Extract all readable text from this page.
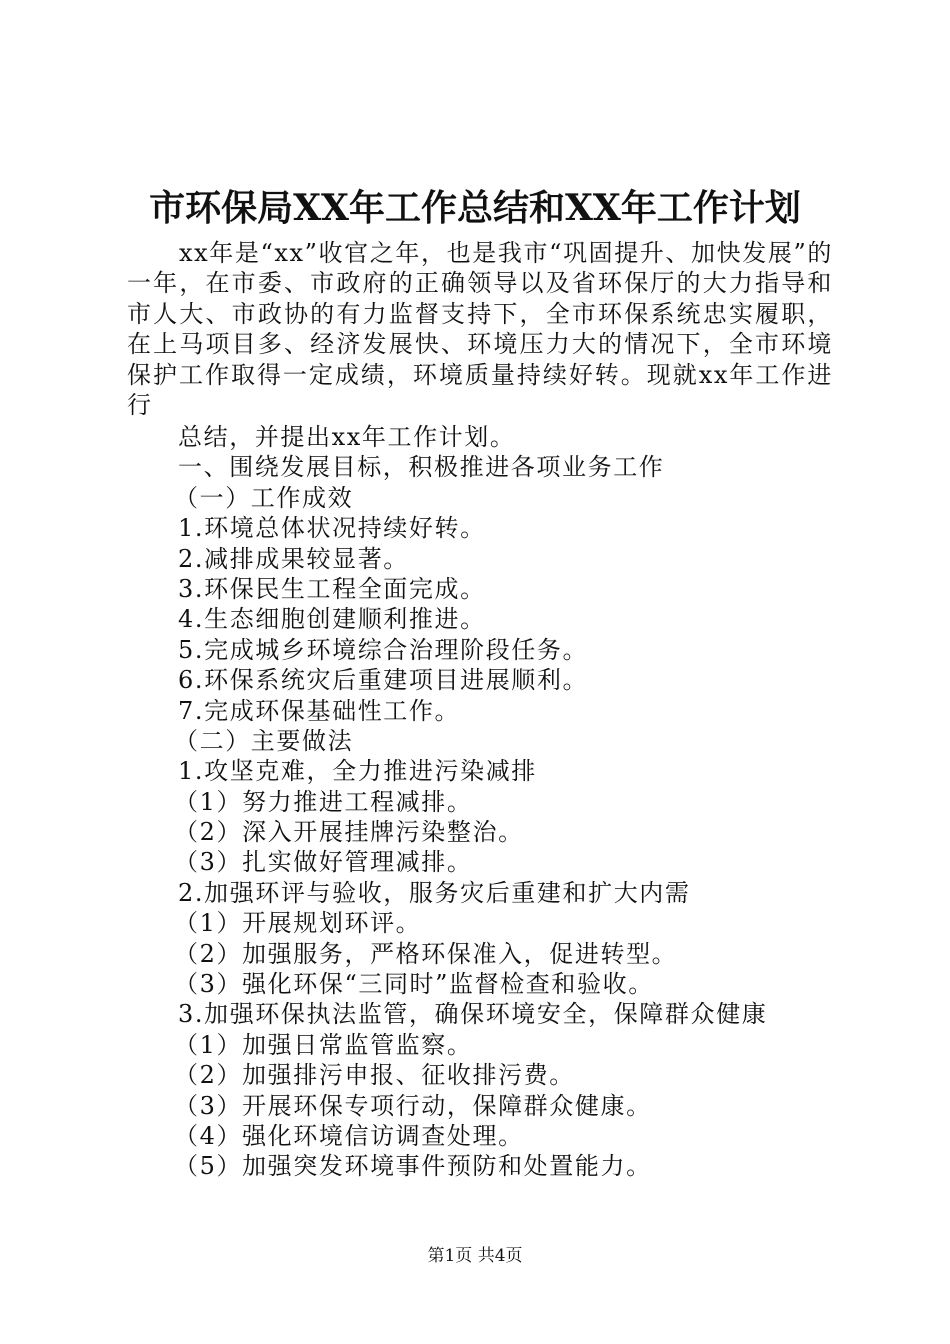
市环保局XX年工作总结和XX年工作计划
xx年是“xx”收官之年，也是我市“巩固提升、加快发展”的一年，在市委、市政府的正确领导以及省环保厅的大力指导和市人大、市政协的有力监督支持下，全市环保系统忠实履职，在上马项目多、经济发展快、环境压力大的情况下，全市环境保护工作取得一定成绩，环境质量持续好转。现就xx年工作进行
总结，并提出xx年工作计划。
一、围绕发展目标，积极推进各项业务工作
（一）工作成效
1.环境总体状况持续好转。
2.减排成果较显著。
3.环保民生工程全面完成。
4.生态细胞创建顺利推进。
5.完成城乡环境综合治理阶段任务。
6.环保系统灾后重建项目进展顺利。
7.完成环保基础性工作。
（二）主要做法
1.攻坚克难，全力推进污染减排
（1）努力推进工程减排。
（2）深入开展挂牌污染整治。
（3）扎实做好管理减排。
2.加强环评与验收，服务灾后重建和扩大内需
（1）开展规划环评。
（2）加强服务，严格环保准入，促进转型。
（3）强化环保“三同时”监督检查和验收。
3.加强环保执法监管，确保环境安全，保障群众健康
（1）加强日常监管监察。
（2）加强排污申报、征收排污费。
（3）开展环保专项行动，保障群众健康。
（4）强化环境信访调查处理。
（5）加强突发环境事件预防和处置能力。
第1页 共4页
